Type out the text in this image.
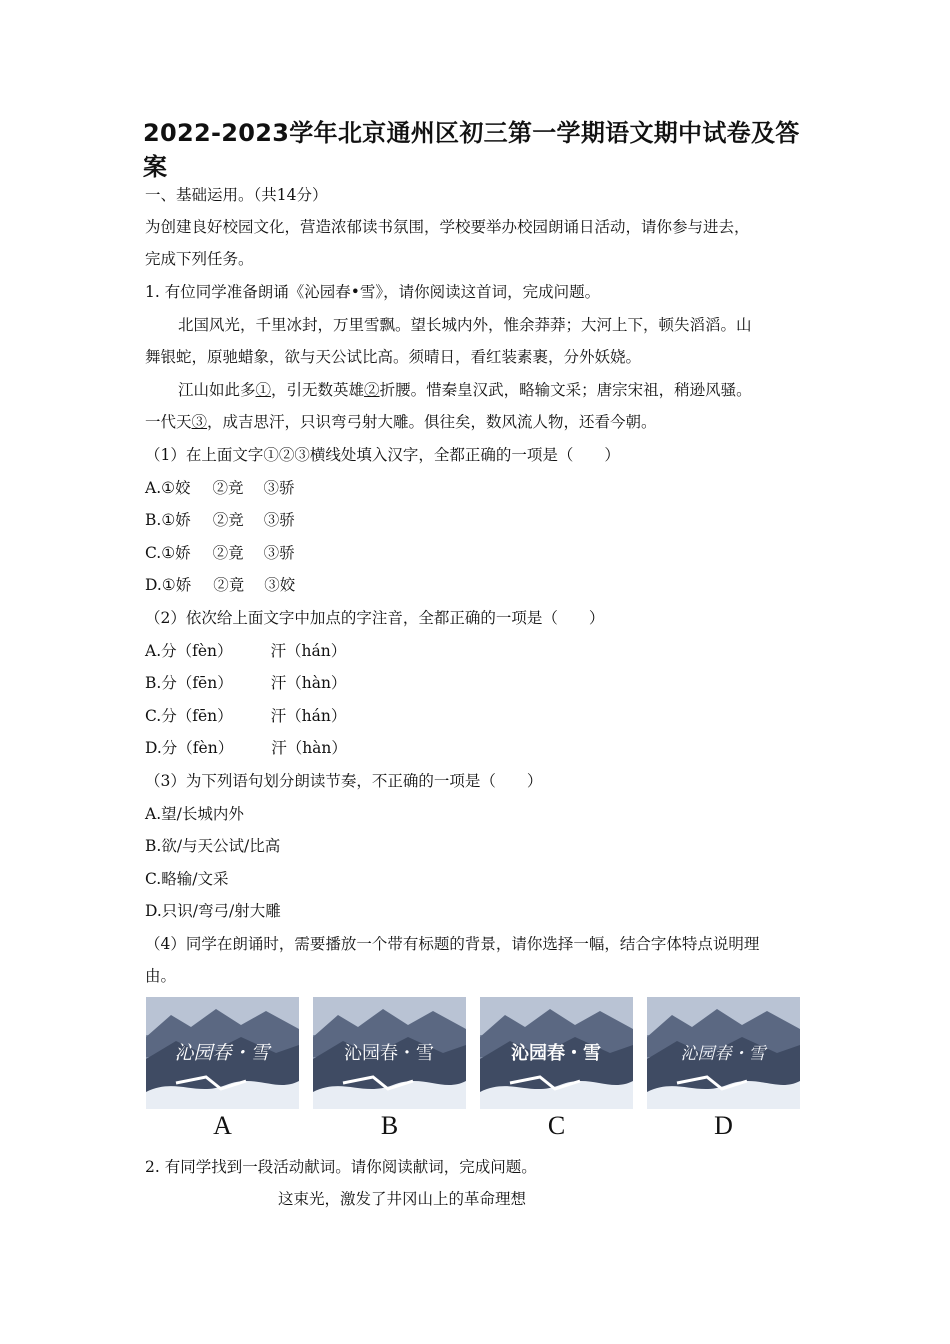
2022-2023学年北京通州区初三第一学期语文期中试卷及答案
一、基础运用。（共14分）
为创建良好校园文化，营造浓郁读书氛围，学校要举办校园朗诵日活动，请你参与进去，
完成下列任务。
1. 有位同学准备朗诵《沁园春•雪》，请你阅读这首词，完成问题。
北国风光，千里冰封，万里雪飘。望长城内外，惟余莽莽；大河上下，顿失滔滔。山
舞银蛇，原驰蜡象，欲与天公试比高。须晴日，看红装素裹，分外妖娆。
江山如此多①，引无数英雄②折腰。惜秦皇汉武，略输文采；唐宗宋祖，稍逊风骚。
一代天③，成吉思汗，只识弯弓射大雕。俱往矣，数风流人物，还看今朝。
（1）在上面文字①②③横线处填入汉字，全都正确的一项是（　　）
A.①姣 ②竞 ③骄
B.①娇 ②竞 ③骄
C.①娇 ②竟 ③骄
D.①娇 ②竟 ③姣
（2）依次给上面文字中加点的字注音，全都正确的一项是（　　）
A.分（fèn） 汗（hán）
B.分（fēn） 汗（hàn）
C.分（fēn） 汗（hán）
D.分（fèn） 汗（hàn）
（3）为下列语句划分朗读节奏，不正确的一项是（　　）
A.望/长城内外
B.欲/与天公试/比高
C.略输/文采
D.只识/弯弓/射大雕
（4）同学在朗诵时，需要播放一个带有标题的背景，请你选择一幅，结合字体特点说明理
由。
沁园春・雪	沁园春・雪	沁园春・雪	沁园春・雪
A	B	C	D
2. 有同学找到一段活动献词。请你阅读献词，完成问题。
这束光，激发了井冈山上的革命理想
